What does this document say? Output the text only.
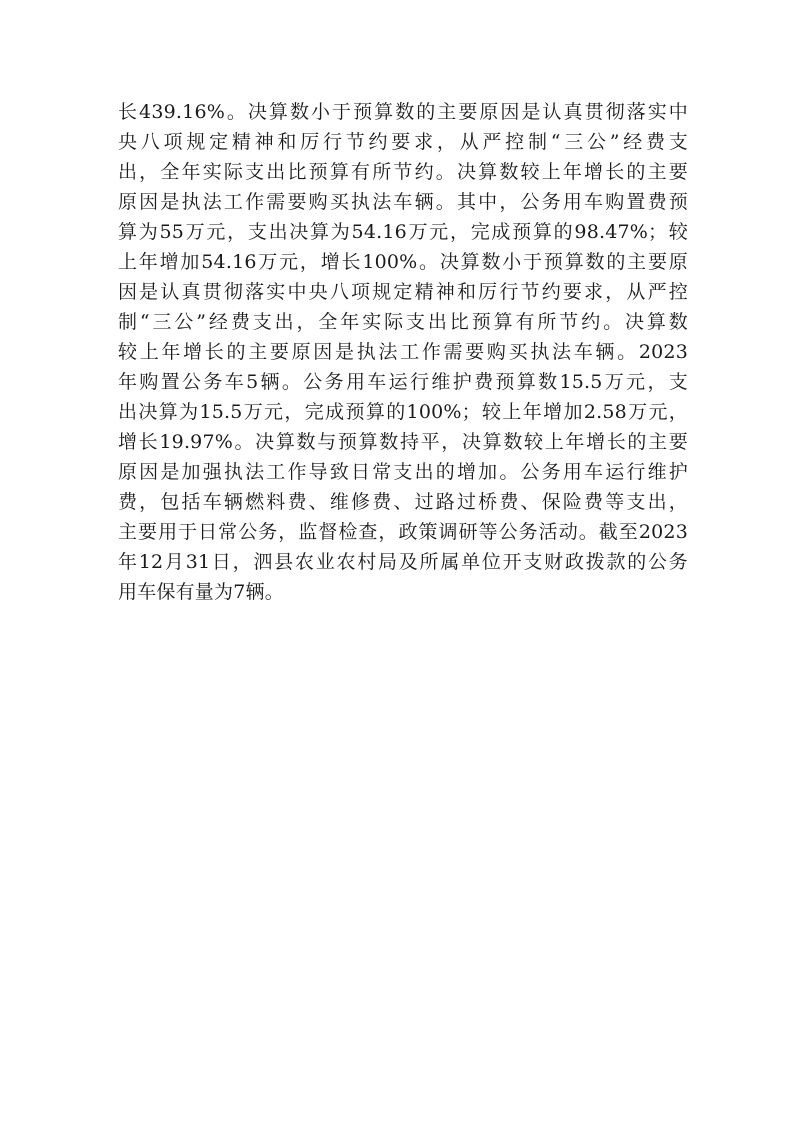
长439.16%。决算数小于预算数的主要原因是认真贯彻落实中
央八项规定精神和厉行节约要求，从严控制“三公”经费支
出，全年实际支出比预算有所节约。决算数较上年增长的主要
原因是执法工作需要购买执法车辆。其中，公务用车购置费预
算为55万元，支出决算为54.16万元，完成预算的98.47%；较
上年增加54.16万元，增长100%。决算数小于预算数的主要原
因是认真贯彻落实中央八项规定精神和厉行节约要求，从严控
制“三公”经费支出，全年实际支出比预算有所节约。决算数
较上年增长的主要原因是执法工作需要购买执法车辆。2023
年购置公务车5辆。公务用车运行维护费预算数15.5万元，支
出决算为15.5万元，完成预算的100%；较上年增加2.58万元，
增长19.97%。决算数与预算数持平，决算数较上年增长的主要
原因是加强执法工作导致日常支出的增加。公务用车运行维护
费，包括车辆燃料费、维修费、过路过桥费、保险费等支出，
主要用于日常公务，监督检查，政策调研等公务活动。截至2023
年12月31日，泗县农业农村局及所属单位开支财政拨款的公务
用车保有量为7辆。
